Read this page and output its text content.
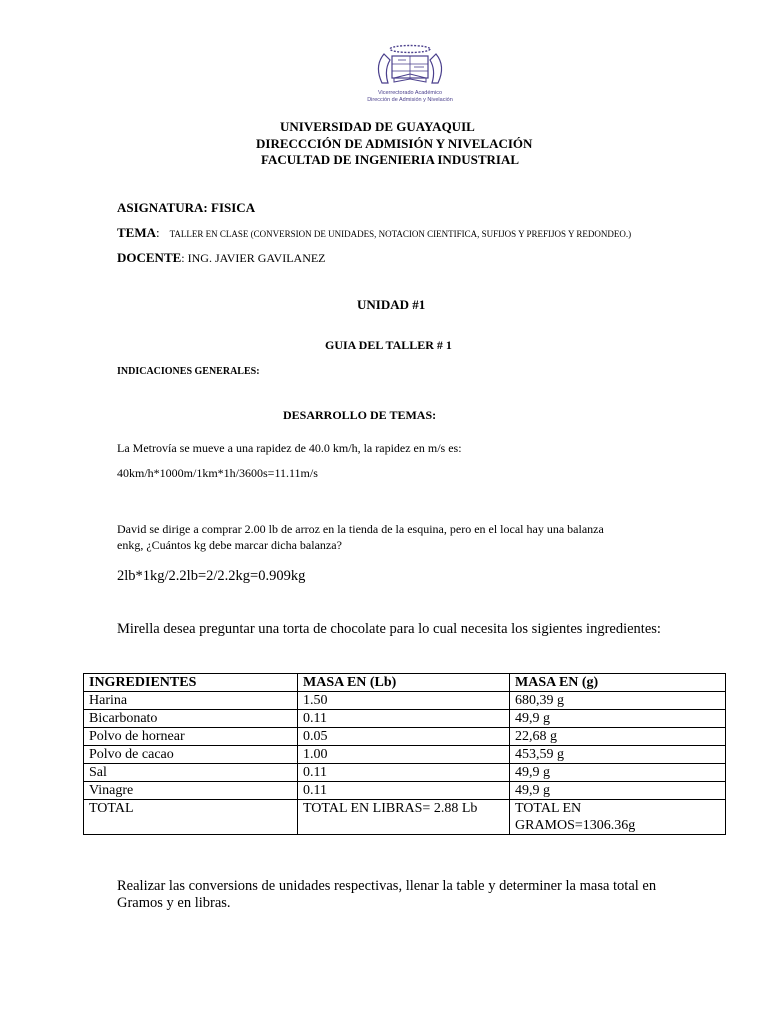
Vicerrectorado Académico
Dirección de Admisión y Nivelación
UNIVERSIDAD DE GUAYAQUIL
DIRECCCIÓN DE ADMISIÓN Y NIVELACIÓN
FACULTAD DE INGENIERIA INDUSTRIAL
ASIGNATURA: FISICA
TEMA: TALLER EN CLASE (CONVERSION DE UNIDADES, NOTACION CIENTIFICA, SUFIJOS Y PREFIJOS Y REDONDEO.)
DOCENTE: ING. JAVIER GAVILANEZ
UNIDAD #1
GUIA DEL TALLER # 1
INDICACIONES GENERALES:
DESARROLLO DE TEMAS:
La Metrovía se mueve a una rapidez de 40.0 km/h, la rapidez en m/s es:
40km/h*1000m/1km*1h/3600s=11.11m/s
David se dirige a comprar 2.00 lb de arroz en la tienda de la esquina, pero en el local hay una balanza
enkg, ¿Cuántos kg debe marcar dicha balanza?
2lb*1kg/2.2lb=2/2.2kg=0.909kg
Mirella desea preguntar una torta de chocolate para lo cual necesita los sigientes ingredientes:
INGREDIENTES	MASA EN (Lb)	MASA EN (g)
Harina	1.50	680,39 g
Bicarbonato	0.11	49,9 g
Polvo de hornear	0.05	22,68 g
Polvo de cacao	1.00	453,59 g
Sal	0.11	49,9 g
Vinagre	0.11	49,9 g
TOTAL	TOTAL EN LIBRAS= 2.88 Lb	TOTAL EN
GRAMOS=1306.36g
Realizar las conversions de unidades respectivas, llenar la table y determiner la masa total en
Gramos y en libras.
